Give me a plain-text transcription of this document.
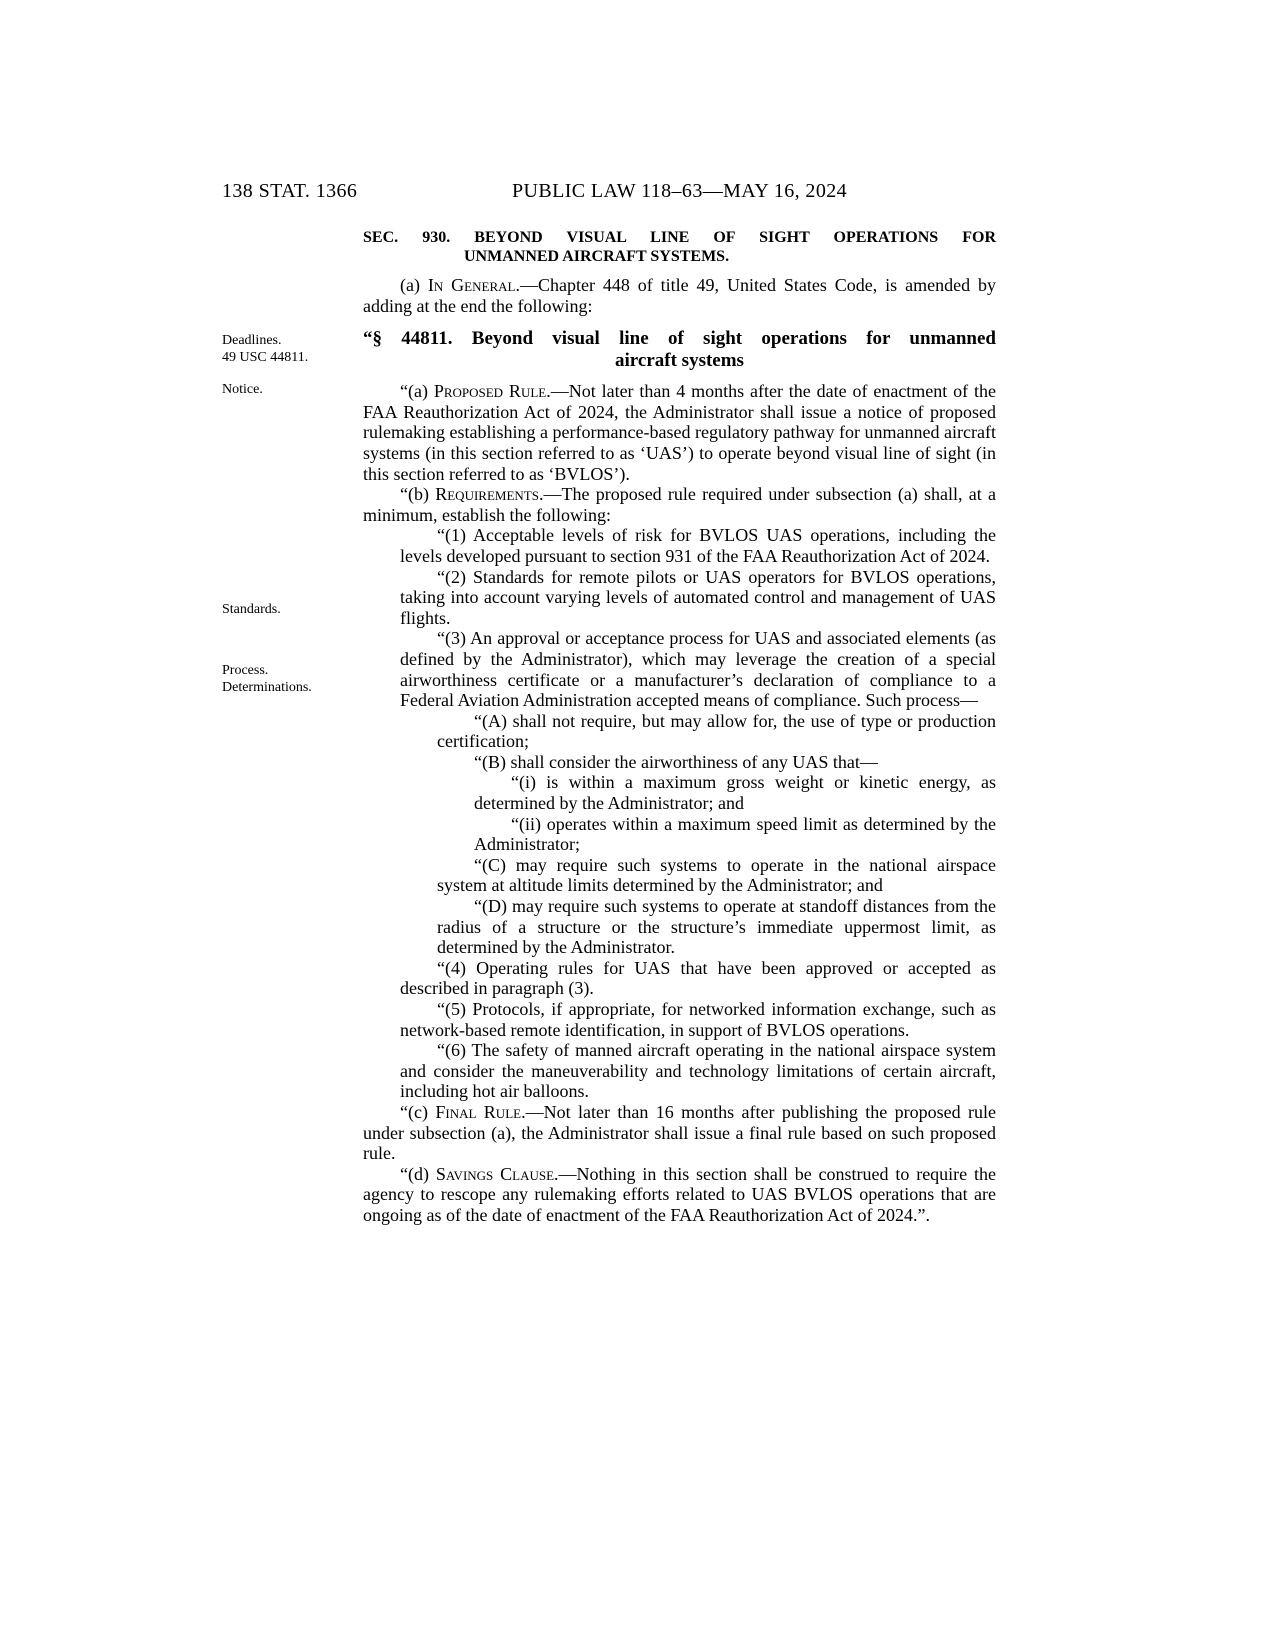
138 STAT. 1366	PUBLIC LAW 118–63—MAY 16, 2024
Deadlines.
49 USC 44811.
Notice.
Standards.
Process.
Determinations.
SEC. 930. BEYOND VISUAL LINE OF SIGHT OPERATIONS FOR
UNMANNED AIRCRAFT SYSTEMS.

(a) In General.—Chapter 448 of title 49, United States Code, is amended by adding at the end the following:

“§ 44811. Beyond visual line of sight operations for unmanned
aircraft systems

“(a) Proposed Rule.—Not later than 4 months after the date of enactment of the FAA Reauthorization Act of 2024, the Administrator shall issue a notice of proposed rulemaking establishing a performance-based regulatory pathway for unmanned aircraft systems (in this section referred to as ‘UAS’) to operate beyond visual line of sight (in this section referred to as ‘BVLOS’).

“(b) Requirements.—The proposed rule required under subsection (a) shall, at a minimum, establish the following:

“(1) Acceptable levels of risk for BVLOS UAS operations, including the levels developed pursuant to section 931 of the FAA Reauthorization Act of 2024.

“(2) Standards for remote pilots or UAS operators for BVLOS operations, taking into account varying levels of automated control and management of UAS flights.

“(3) An approval or acceptance process for UAS and associated elements (as defined by the Administrator), which may leverage the creation of a special airworthiness certificate or a manufacturer’s declaration of compliance to a Federal Aviation Administration accepted means of compliance. Such process—

“(A) shall not require, but may allow for, the use of type or production certification;

“(B) shall consider the airworthiness of any UAS that—

“(i) is within a maximum gross weight or kinetic energy, as determined by the Administrator; and

“(ii) operates within a maximum speed limit as determined by the Administrator;

“(C) may require such systems to operate in the national airspace system at altitude limits determined by the Administrator; and

“(D) may require such systems to operate at standoff distances from the radius of a structure or the structure’s immediate uppermost limit, as determined by the Administrator.

“(4) Operating rules for UAS that have been approved or accepted as described in paragraph (3).

“(5) Protocols, if appropriate, for networked information exchange, such as network-based remote identification, in support of BVLOS operations.

“(6) The safety of manned aircraft operating in the national airspace system and consider the maneuverability and technology limitations of certain aircraft, including hot air balloons.

“(c) Final Rule.—Not later than 16 months after publishing the proposed rule under subsection (a), the Administrator shall issue a final rule based on such proposed rule.

“(d) Savings Clause.—Nothing in this section shall be construed to require the agency to rescope any rulemaking efforts related to UAS BVLOS operations that are ongoing as of the date of enactment of the FAA Reauthorization Act of 2024.”.
